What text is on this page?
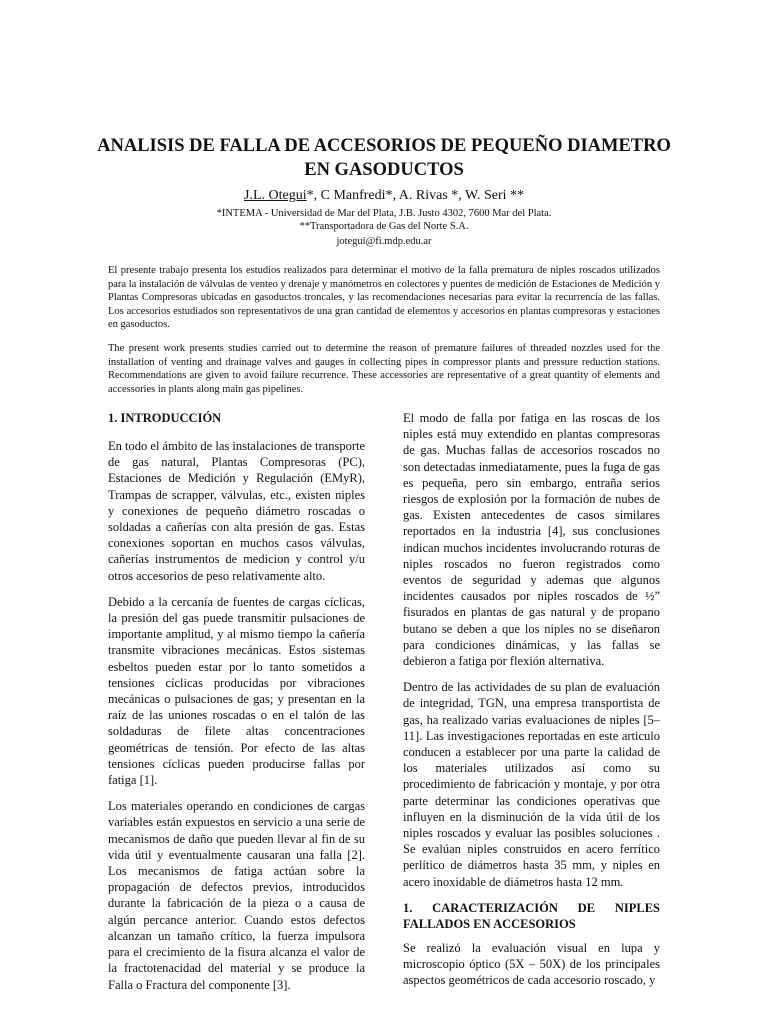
ANALISIS DE FALLA DE ACCESORIOS DE PEQUEÑO DIAMETRO EN GASODUCTOS
J.L. Otegui*, C Manfredi*, A. Rivas *, W. Seri **
*INTEMA - Universidad de Mar del Plata, J.B. Justo 4302, 7600 Mar del Plata.
**Transportadora de Gas del Norte S.A.
jotegui@fi.mdp.edu.ar

El presente trabajo presenta los estudios realizados para determinar el motivo de la falla prematura de niples roscados utilizados para la instalación de válvulas de venteo y drenaje y manómetros en colectores y puentes de medición de Estaciones de Medición y Plantas Compresoras ubicadas en gasoductos troncales, y las recomendaciones necesarias para evitar la recurrencia de las fallas. Los accesorios estudiados son representativos de una gran cantidad de elementos y accesorios en plantas compresoras y estaciones en gasoductos.

The present work presents studies carried out to determine the reason of premature failures of threaded nozzles used for the installation of venting and drainage valves and gauges in collecting pipes in compressor plants and pressure reduction stations. Recommendations are given to avoid failure recurrence. These accessories are representative of a great quantity of elements and accessories in plants along main gas pipelines.

1. INTRODUCCIÓN

En todo el ámbito de las instalaciones de transporte de gas natural, Plantas Compresoras (PC), Estaciones de Medición y Regulación (EMyR), Trampas de scrapper, válvulas, etc., existen niples y conexiones de pequeño diámetro roscadas o soldadas a cañerías con alta presión de gas. Estas conexiones soportan en muchos casos válvulas, cañerías instrumentos de medicion y control y/u otros accesorios de peso relativamente alto.

Debido a la cercanía de fuentes de cargas cíclicas, la presión del gas puede transmitir pulsaciones de importante amplitud, y al mismo tiempo la cañería transmite vibraciones mecánicas. Estos sistemas esbeltos pueden estar por lo tanto sometidos a tensiones cíclicas producidas por vibraciones mecánicas o pulsaciones de gas; y presentan en la raíz de las uniones roscadas o en el talón de las soldaduras de filete altas concentraciones geométricas de tensión. Por efecto de las altas tensiones cíclicas pueden producirse fallas por fatiga [1].

Los materiales operando en condiciones de cargas variables están expuestos en servicio a una serie de mecanismos de daño que pueden llevar al fin de su vida útil y eventualmente causaran una falla [2]. Los mecanismos de fatiga actúan sobre la propagación de defectos previos, introducidos durante la fabricación de la pieza o a causa de algún percance anterior. Cuando estos defectos alcanzan un tamaño crítico, la fuerza impulsora para el crecimiento de la fisura alcanza el valor de la fractotenacidad del material y se produce la Falla o Fractura del componente [3].

El modo de falla por fatiga en las roscas de los niples está muy extendido en plantas compresoras de gas. Muchas fallas de accesorios roscados no son detectadas inmediatamente, pues la fuga de gas es pequeña, pero sin embargo, entraña serios riesgos de explosión por la formación de nubes de gas. Existen antecedentes de casos similares reportados en la industria [4], sus conclusiones indican muchos incidentes involucrando roturas de niples roscados no fueron registrados como eventos de seguridad y ademas que algunos incidentes causados por niples roscados de ½” fisurados en plantas de gas natural y de propano butano se deben a que los niples no se diseñaron para condiciones dinámicas, y las fallas se debieron a fatiga por flexión alternativa.

Dentro de las actividades de su plan de evaluación de integridad, TGN, una empresa transportista de gas, ha realizado varias evaluaciones de niples [5–11]. Las investigaciones reportadas en este articulo conducen a establecer por una parte la calidad de los materiales utilizados así como su procedimiento de fabricación y montaje, y por otra parte determinar las condiciones operativas que influyen en la disminución de la vida útil de los niples roscados y evaluar las posibles soluciones . Se evalúan niples construidos en acero ferrítico perlítico de diámetros hasta 35 mm, y niples en acero inoxidable de diámetros hasta 12 mm.

1. CARACTERIZACIÓN DE NIPLES FALLADOS EN ACCESORIOS

Se realizó la evaluación visual en lupa y microscopio óptico (5X – 50X) de los principales aspectos geométricos de cada accesorio roscado, y
